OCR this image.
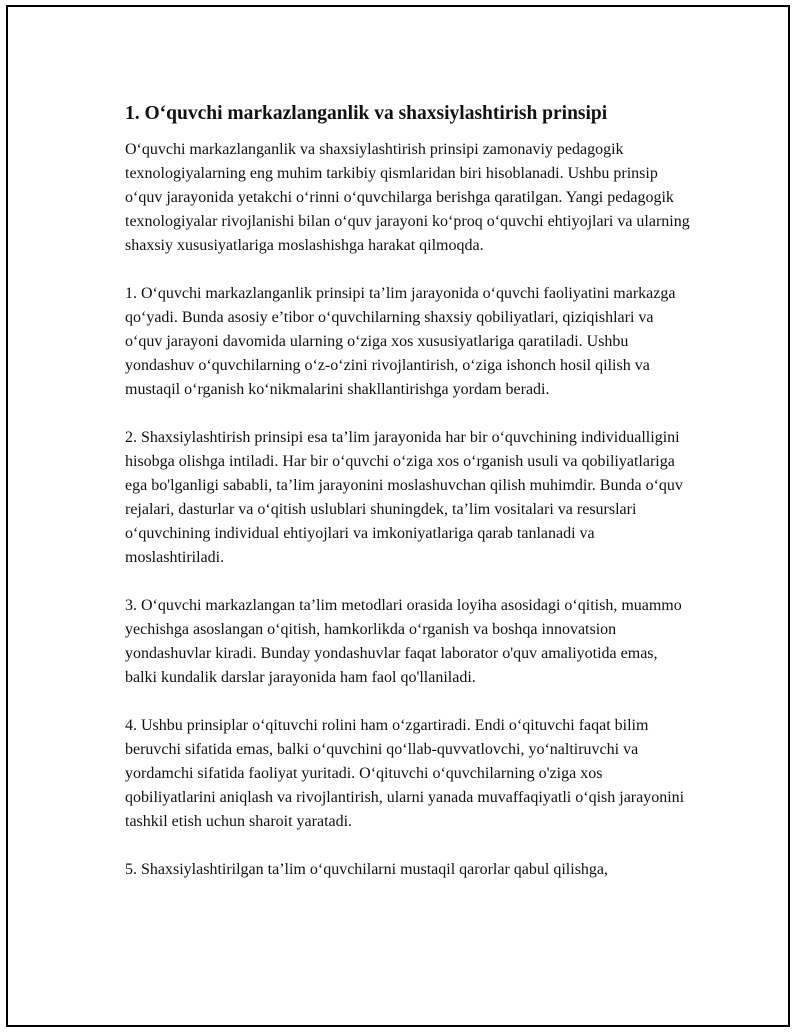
1. O‘quvchi markazlanganlik va shaxsiylashtirish prinsipi

O‘quvchi markazlanganlik va shaxsiylashtirish prinsipi zamonaviy pedagogik texnologiyalarning eng muhim tarkibiy qismlaridan biri hisoblanadi. Ushbu prinsip o‘quv jarayonida yetakchi o‘rinni o‘quvchilarga berishga qaratilgan. Yangi pedagogik texnologiyalar rivojlanishi bilan o‘quv jarayoni ko‘proq o‘quvchi ehtiyojlari va ularning shaxsiy xususiyatlariga moslashishga harakat qilmoqda.

1. O‘quvchi markazlanganlik prinsipi ta’lim jarayonida o‘quvchi faoliyatini markazga qo‘yadi. Bunda asosiy e’tibor o‘quvchilarning shaxsiy qobiliyatlari, qiziqishlari va o‘quv jarayoni davomida ularning o‘ziga xos xususiyatlariga qaratiladi. Ushbu yondashuv o‘quvchilarning o‘z-o‘zini rivojlantirish, o‘ziga ishonch hosil qilish va mustaqil o‘rganish ko‘nikmalarini shakllantirishga yordam beradi.

2. Shaxsiylashtirish prinsipi esa ta’lim jarayonida har bir o‘quvchining individualligini hisobga olishga intiladi. Har bir o‘quvchi o‘ziga xos o‘rganish usuli va qobiliyatlariga ega bo'lganligi sababli, ta’lim jarayonini moslashuvchan qilish muhimdir. Bunda o‘quv rejalari, dasturlar va o‘qitish uslublari shuningdek, ta’lim vositalari va resurslari o‘quvchining individual ehtiyojlari va imkoniyatlariga qarab tanlanadi va moslashtiriladi.

3. O‘quvchi markazlangan ta’lim metodlari orasida loyiha asosidagi o‘qitish, muammo yechishga asoslangan o‘qitish, hamkorlikda o‘rganish va boshqa innovatsion yondashuvlar kiradi. Bunday yondashuvlar faqat laborator o'quv amaliyotida emas, balki kundalik darslar jarayonida ham faol qo'llaniladi.

4. Ushbu prinsiplar o‘qituvchi rolini ham o‘zgartiradi. Endi o‘qituvchi faqat bilim beruvchi sifatida emas, balki o‘quvchini qo‘llab-quvvatlovchi, yo‘naltiruvchi va yordamchi sifatida faoliyat yuritadi. O‘qituvchi o‘quvchilarning o'ziga xos qobiliyatlarini aniqlash va rivojlantirish, ularni yanada muvaffaqiyatli o‘qish jarayonini tashkil etish uchun sharoit yaratadi.

5. Shaxsiylashtirilgan ta’lim o‘quvchilarni mustaqil qarorlar qabul qilishga,
